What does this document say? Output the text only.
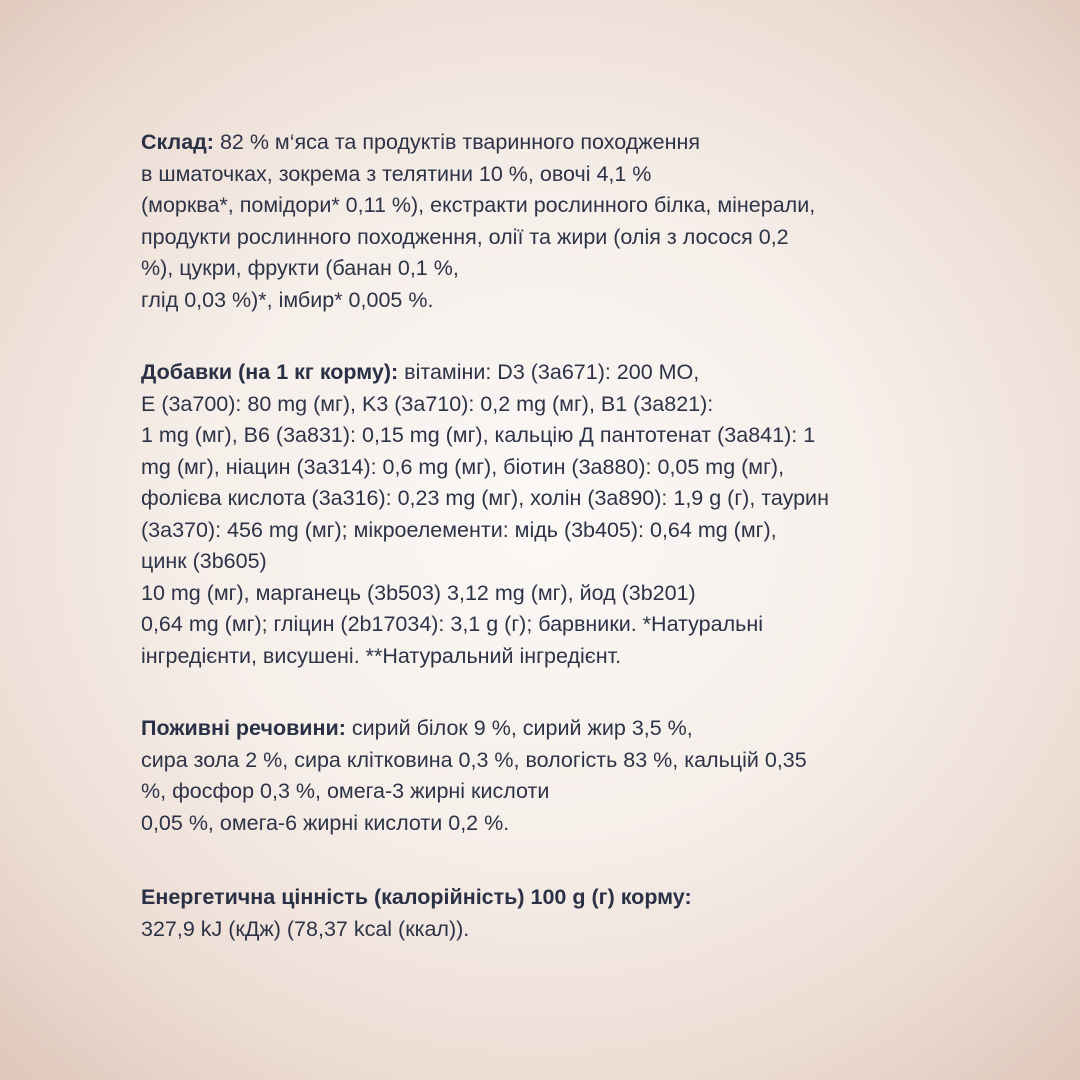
Склад: 82 % м‘яса та продуктів тваринного походження
в шматочках, зокрема з телятини 10 %, овочі 4,1 %
(морква*, помідори* 0,11 %), екстракти рослинного білка, мінерали,
продукти рослинного походження, олії та жири (олія з лосося 0,2
%), цукри, фрукти (банан 0,1 %,
глід 0,03 %)*, імбир* 0,005 %.
Добавки (на 1 кг корму): вітаміни: D3 (3a671): 200 МО,
E (3a700): 80 mg (мг), K3 (3a710): 0,2 mg (мг), B1 (3a821):
1 mg (мг), B6 (3a831): 0,15 mg (мг), кальцію Д пантотенат (3a841): 1
mg (мг), ніацин (3a314): 0,6 mg (мг), біотин (3a880): 0,05 mg (мг),
фолієва кислота (3a316): 0,23 mg (мг), холін (3a890): 1,9 g (г), таурин
(3a370): 456 mg (мг); мікроелементи: мідь (3b405): 0,64 mg (мг),
цинк (3b605)
10 mg (мг), марганець (3b503) 3,12 mg (мг), йод (3b201)
0,64 mg (мг); гліцин (2b17034): 3,1 g (г); барвники. *Натуральні
інгредієнти, висушені. **Натуральний інгредієнт.
Поживні речовини: сирий білок 9 %, сирий жир 3,5 %,
сира зола 2 %, сира клітковина 0,3 %, вологість 83 %, кальцій 0,35
%, фосфор 0,3 %, омега-3 жирні кислоти
0,05 %, омега-6 жирні кислоти 0,2 %.
Енергетична цінність (калорійність) 100 g (г) корму:
327,9 kJ (кДж) (78,37 kcal (ккал)).
